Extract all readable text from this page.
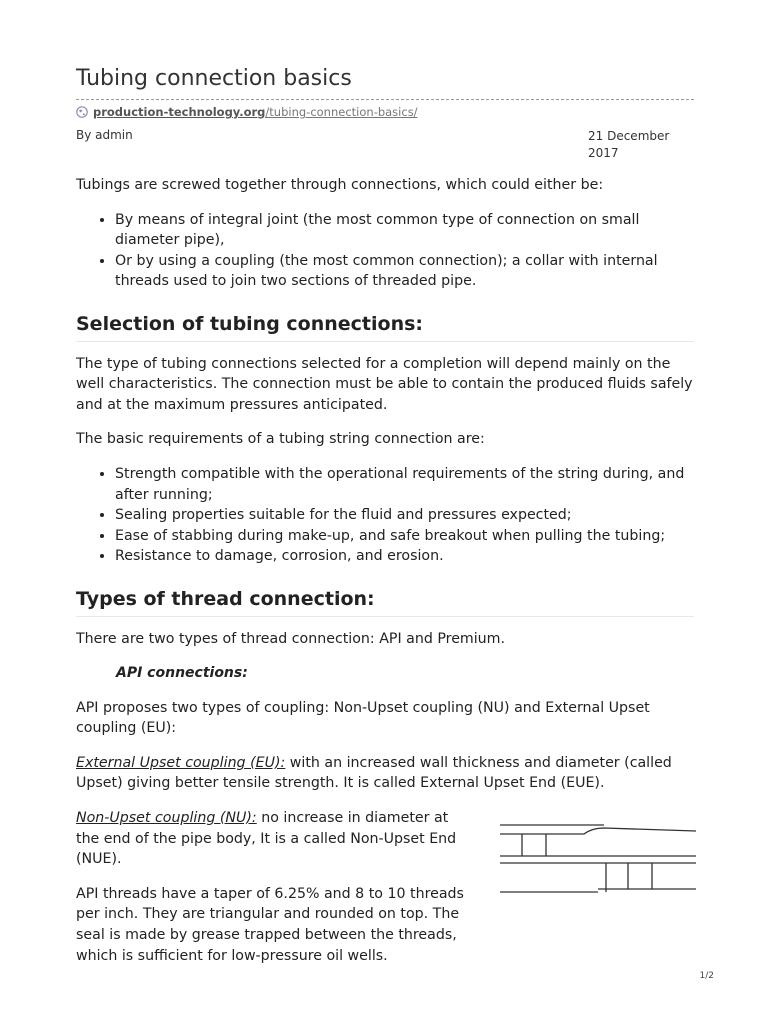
Tubing connection basics
production-technology.org/tubing-connection-basics/
By admin	21 December 2017

Tubings are screwed together through connections, which could either be:

• By means of integral joint (the most common type of connection on small diameter pipe),
• Or by using a coupling (the most common connection); a collar with internal threads used to join two sections of threaded pipe.
Selection of tubing connections:

The type of tubing connections selected for a completion will depend mainly on the well characteristics. The connection must be able to contain the produced fluids safely and at the maximum pressures anticipated.

The basic requirements of a tubing string connection are:

• Strength compatible with the operational requirements of the string during, and after running;
• Sealing properties suitable for the fluid and pressures expected;
• Ease of stabbing during make-up, and safe breakout when pulling the tubing;
• Resistance to damage, corrosion, and erosion.
Types of thread connection:

There are two types of thread connection: API and Premium.

API connections:

API proposes two types of coupling: Non-Upset coupling (NU) and External Upset coupling (EU):

External Upset coupling (EU): with an increased wall thickness and diameter (called Upset) giving better tensile strength. It is called External Upset End (EUE).

Non-Upset coupling (NU): no increase in diameter at the end of the pipe body, It is a called Non-Upset End (NUE).

API threads have a taper of 6.25% and 8 to 10 threads per inch. They are triangular and rounded on top. The seal is made by grease trapped between the threads, which is sufficient for low-pressure oil wells.

1/2
